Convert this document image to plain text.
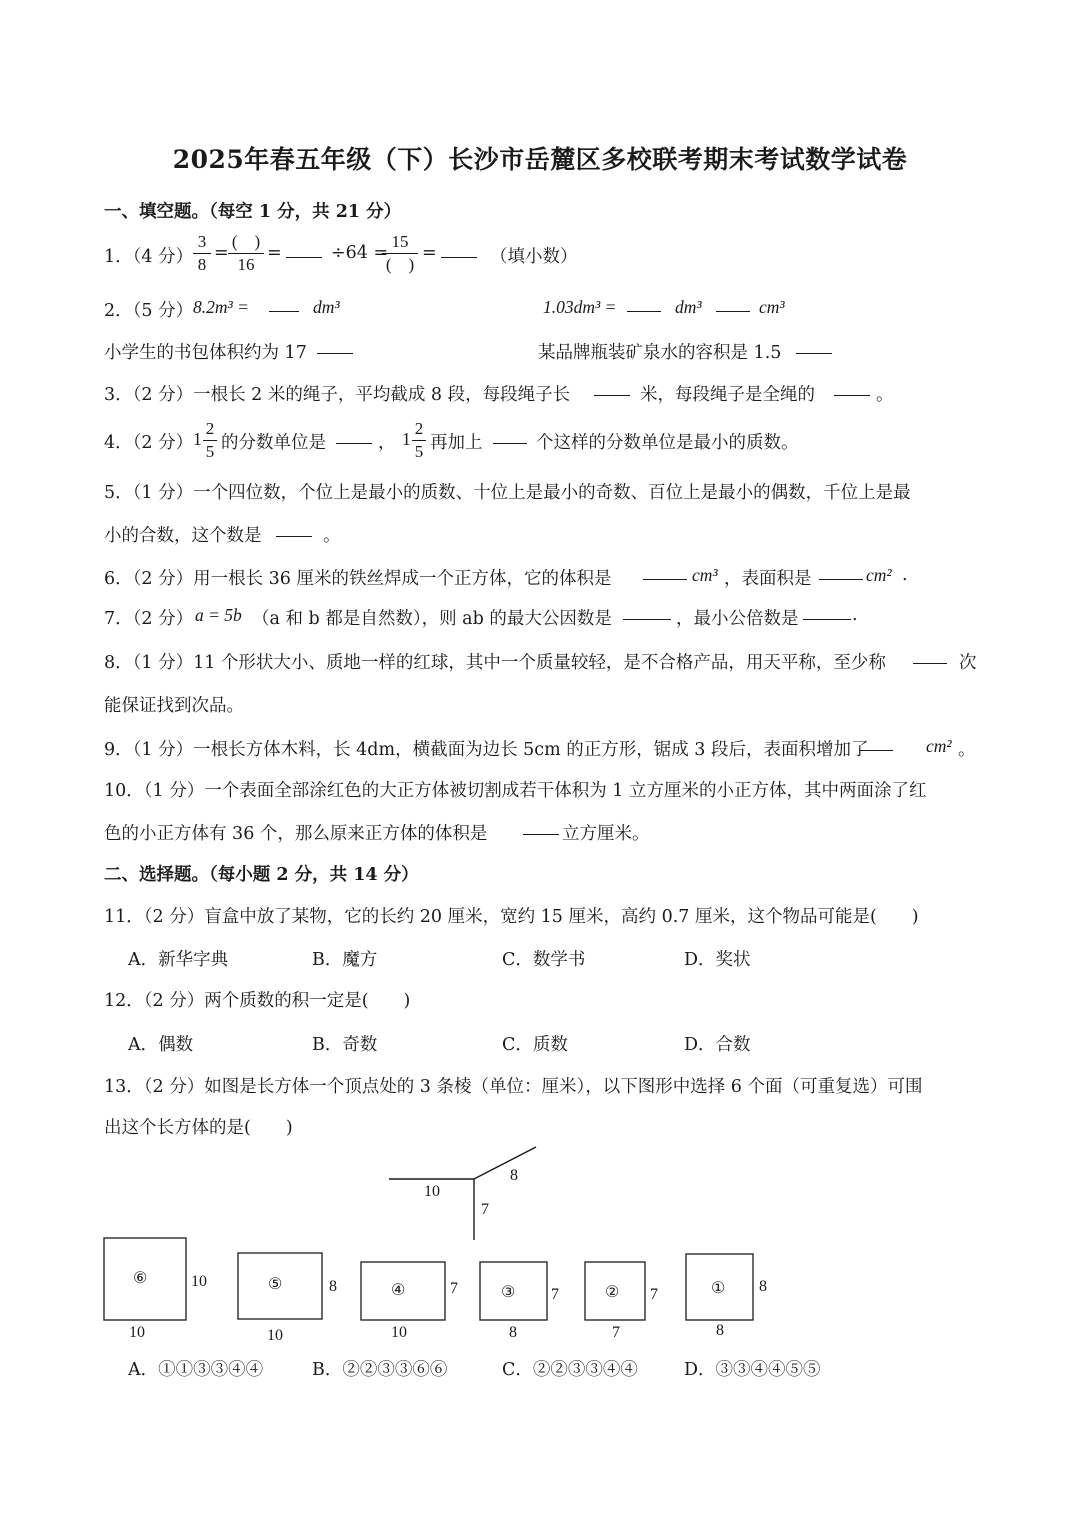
2025年春五年级（下）长沙市岳麓区多校联考期末考试数学试卷
一、填空题。（每空 1 分，共 21 分）
1．（4 分）
3
8
=
(　)
16
=	÷64 =
15
(　)
=	（填小数）
2．（5 分） 8.2m³ =	dm³	1.03dm³ =	dm³	cm³
小学生的书包体积约为 17	某品牌瓶装矿泉水的容积是 1.5
3．（2 分）一根长 2 米的绳子，平均截成 8 段，每段绳子长	米，每段绳子是全绳的	。
4．（2 分） 1
2
5 的分数单位是	， 1
2
5 再加上	个这样的分数单位是最小的质数。
5．（1 分）一个四位数，个位上是最小的质数、十位上是最小的奇数、百位上是最小的偶数，千位上是最
小的合数，这个数是	。
6．（2 分）用一根长 36 厘米的铁丝焊成一个正方体，它的体积是	cm³ ，表面积是	cm² .
7．（2 分） a = 5b （a 和 b 都是自然数），则 ab 的最大公因数是	，最小公倍数是	.
8．（1 分）11 个形状大小、质地一样的红球，其中一个质量较轻，是不合格产品，用天平称，至少称	次
能保证找到次品。
9．（1 分）一根长方体木料，长 4dm，横截面为边长 5cm 的正方形，锯成 3 段后，表面积增加了	cm² 。
10．（1 分）一个表面全部涂红色的大正方体被切割成若干体积为 1 立方厘米的小正方体，其中两面涂了红
色的小正方体有 36 个，那么原来正方体的体积是	立方厘米。
二、选择题。（每小题 2 分，共 14 分）
11．（2 分）盲盒中放了某物，它的长约 20 厘米，宽约 15 厘米，高约 0.7 厘米，这个物品可能是(　　)
A．新华字典	B．魔方	C．数学书	D．奖状
12．（2 分）两个质数的积一定是(　　)
A．偶数	B．奇数	C．质数	D．合数
13．（2 分）如图是长方体一个顶点处的 3 条棱（单位：厘米），以下图形中选择 6 个面（可重复选）可围
出这个长方体的是(　　)
10
8
7
⑥	10
10
⑤	8
10
④	7
10
③ 7
8
② 7
7
① 8
8
A．①①③③④④	B．②②③③⑥⑥	C．②②③③④④	D．③③④④⑤⑤
